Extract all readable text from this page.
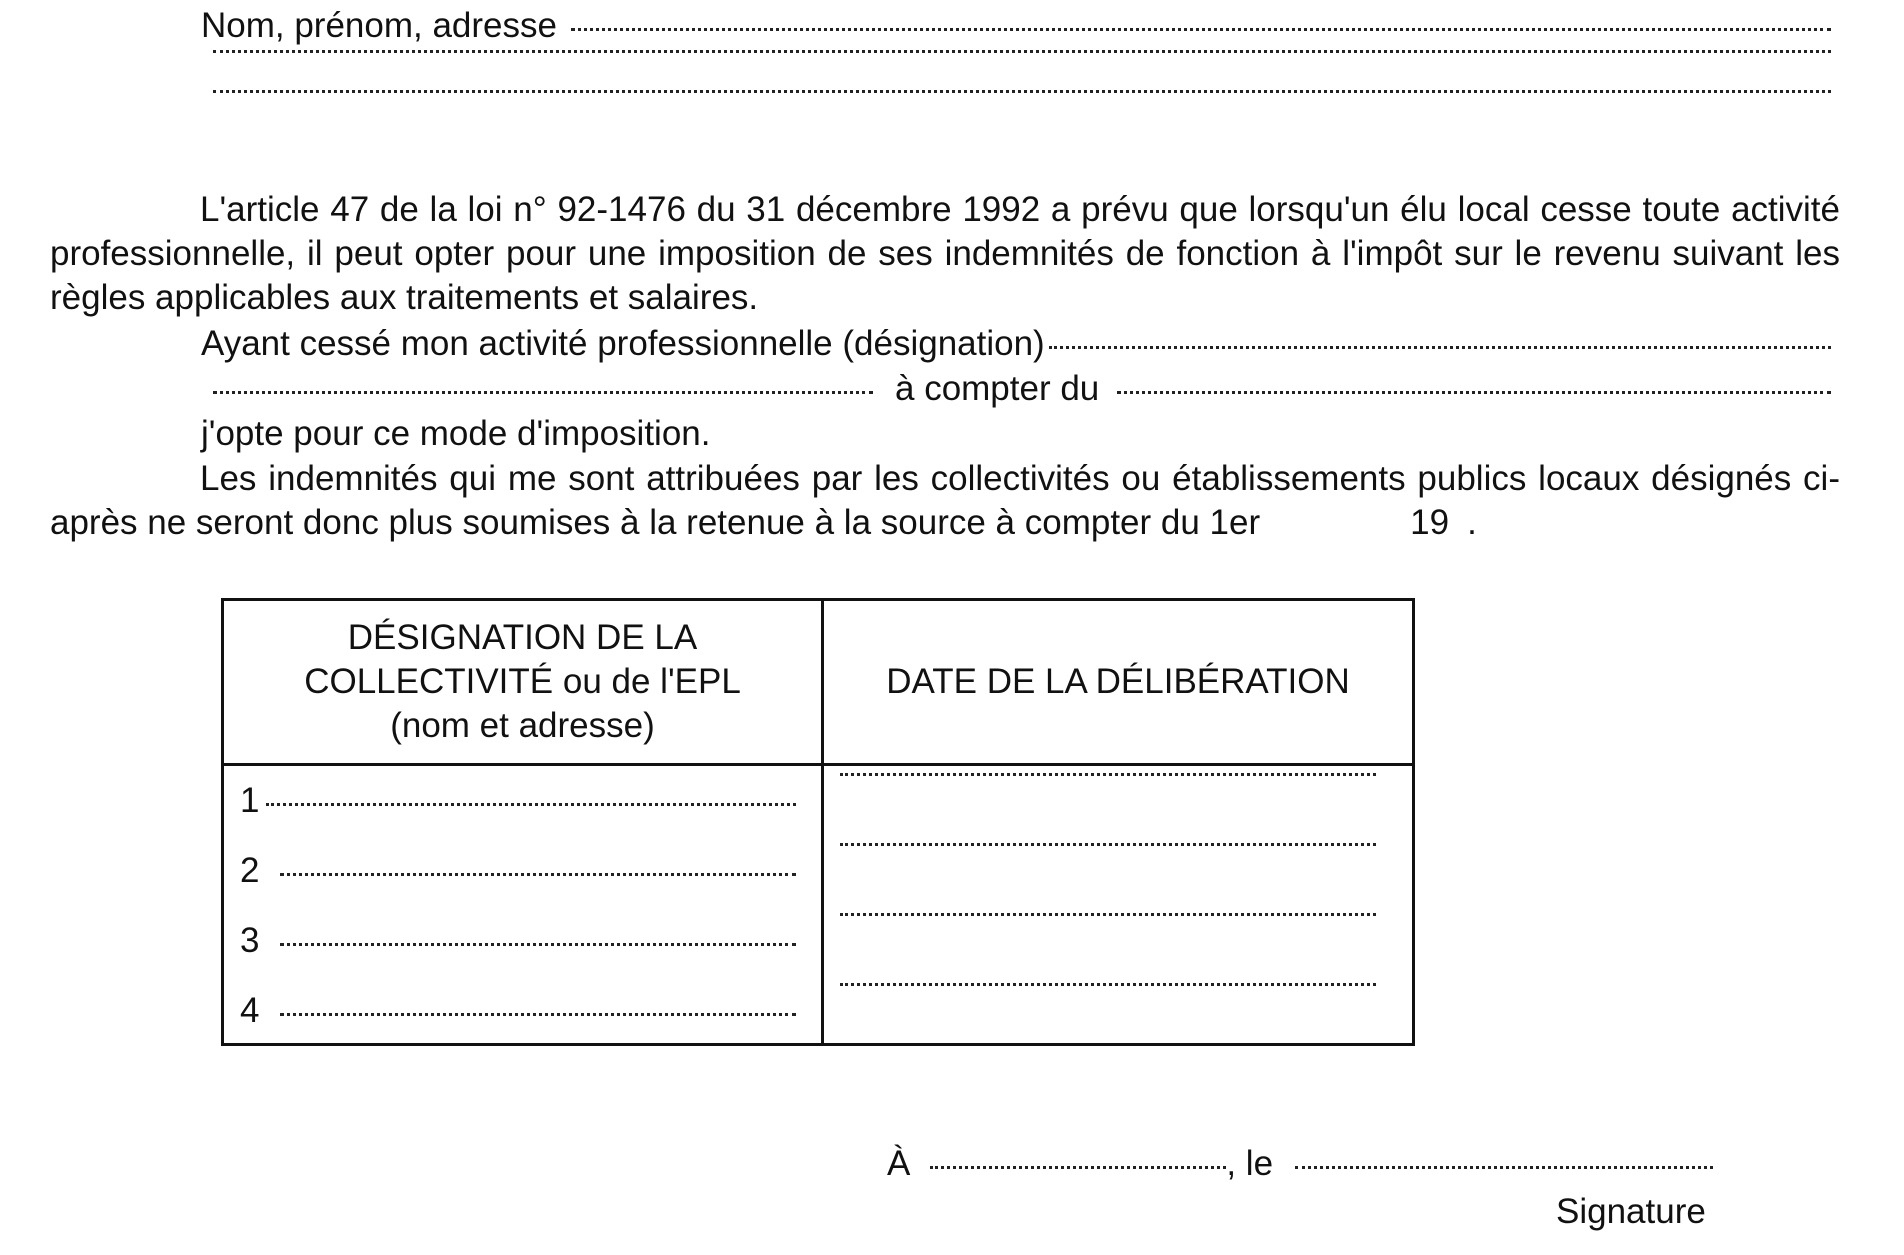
Nom, prénom, adresse
L'article 47 de la loi n° 92-1476 du 31 décembre 1992 a prévu que lorsqu'un élu local cesse toute activité professionnelle, il peut opter pour une imposition de ses indemnités de fonction à l'impôt sur le revenu suivant les règles applicables aux traitements et salaires.
Ayant cessé mon activité professionnelle (désignation)
à compter du
j'opte pour ce mode d'imposition.
Les indemnités qui me sont attribuées par les collectivités ou établissements publics locaux désignés ci-après ne seront donc plus soumises à la retenue à la source à compter du 1er	19 .
DÉSIGNATION DE LA
COLLECTIVITÉ ou de l'EPL
(nom et adresse)
DATE DE LA DÉLIBÉRATION
1
2
3
4
À	, le
Signature
